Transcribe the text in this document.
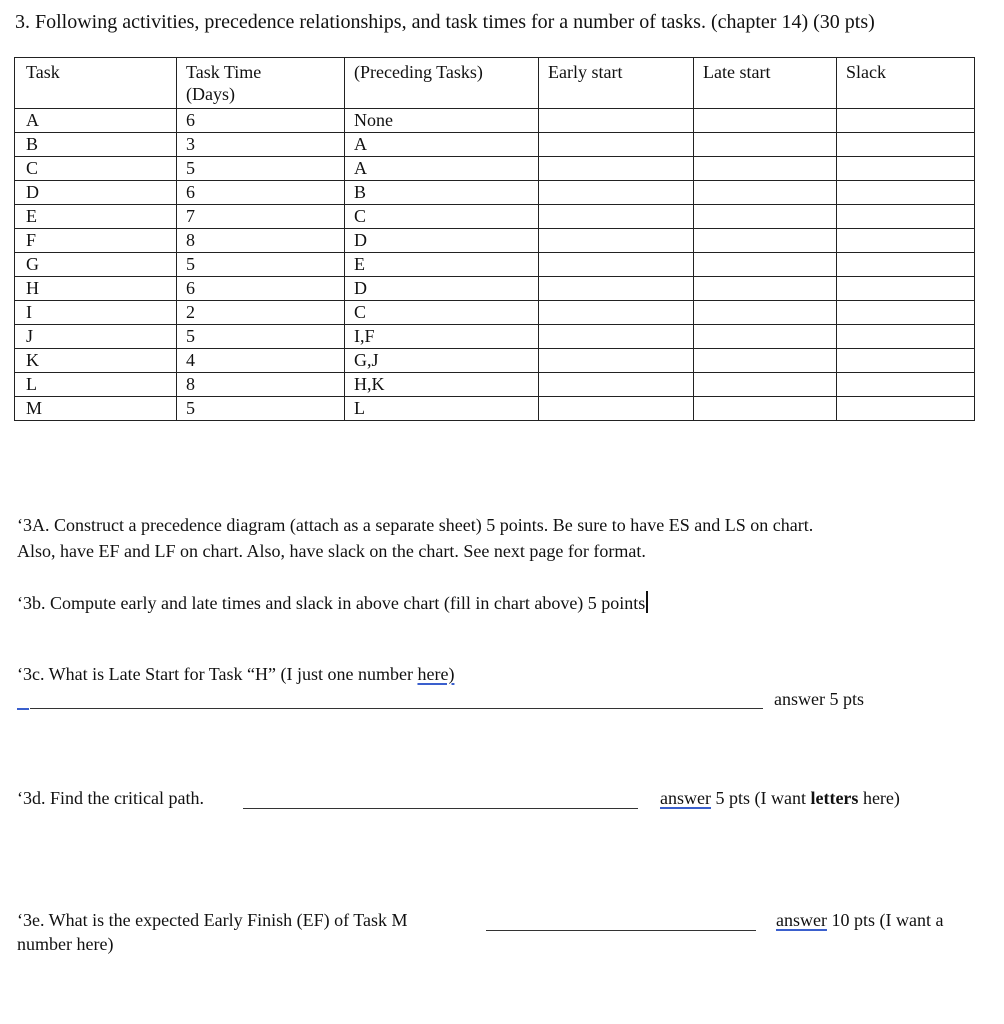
3. Following activities, precedence relationships, and task times for a number of tasks. (chapter 14) (30 pts)
Task	Task Time (Days)	(Preceding Tasks)	Early start	Late start	Slack
A	6	None			
B	3	A			
C	5	A			
D	6	B			
E	7	C			
F	8	D			
G	5	E			
H	6	D			
I	2	C			
J	5	I,F			
K	4	G,J			
L	8	H,K			
M	5	L			
‘3A. Construct a precedence diagram (attach as a separate sheet) 5 points. Be sure to have ES and LS on chart.
Also, have EF and LF on chart. Also, have slack on the chart. See next page for format.
‘3b. Compute early and late times and slack in above chart (fill in chart above) 5 points
‘3c. What is Late Start for Task “H” (I just one number here)
answer 5 pts
‘3d. Find the critical path.	answer 5 pts (I want letters here)
‘3e. What is the expected Early Finish (EF) of Task M	answer 10 pts (I want a
number here)
